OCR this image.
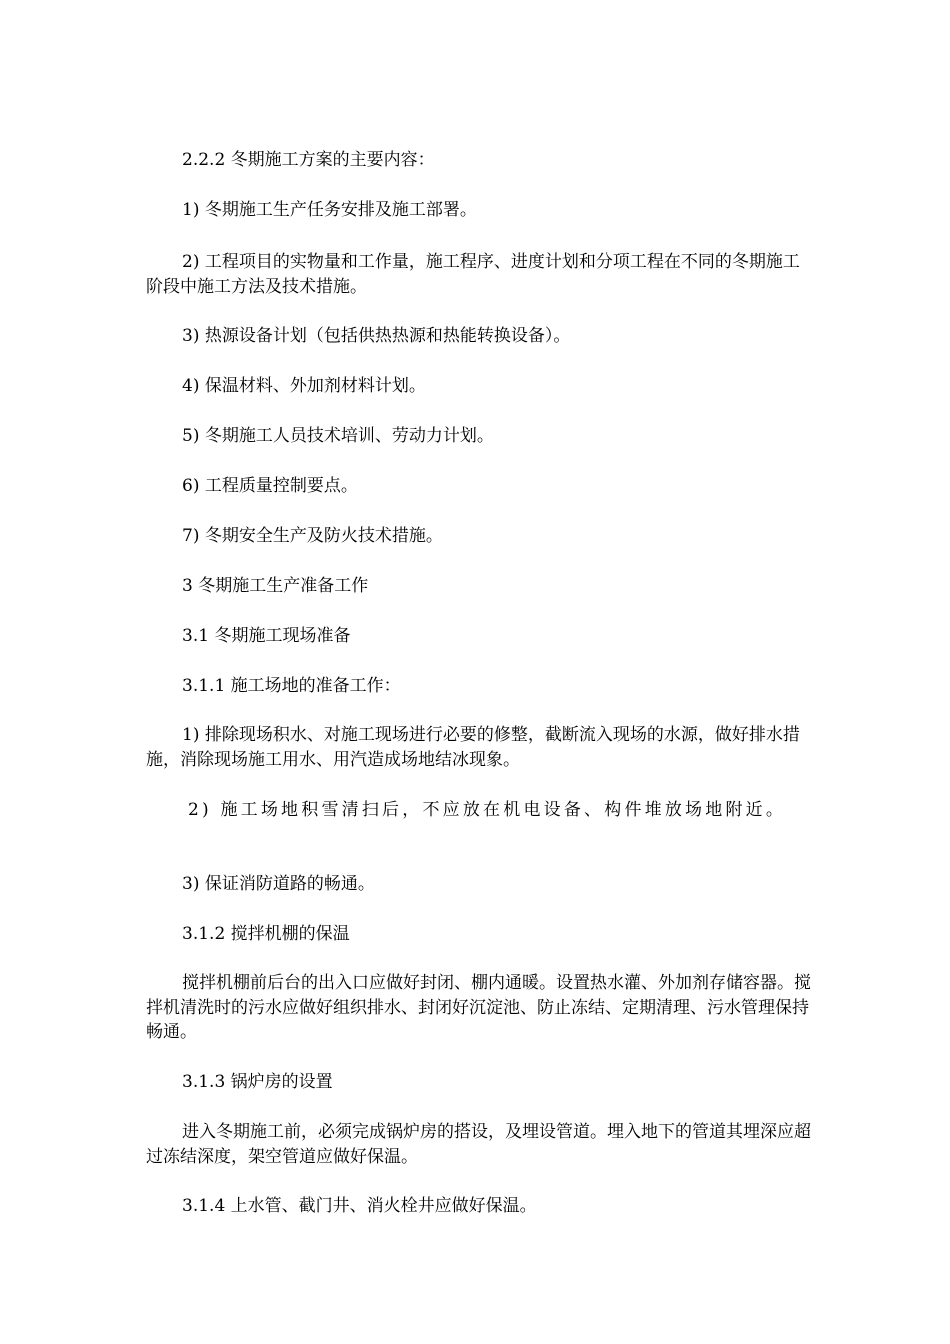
2.2.2 冬期施工方案的主要内容：

1) 冬期施工生产任务安排及施工部署。

2) 工程项目的实物量和工作量，施工程序、进度计划和分项工程在不同的冬期施工阶段中施工方法及技术措施。

3) 热源设备计划（包括供热热源和热能转换设备）。

4) 保温材料、外加剂材料计划。

5) 冬期施工人员技术培训、劳动力计划。

6) 工程质量控制要点。

7) 冬期安全生产及防火技术措施。

3 冬期施工生产准备工作

3.1 冬期施工现场准备

3.1.1 施工场地的准备工作：

1) 排除现场积水、对施工现场进行必要的修整，截断流入现场的水源，做好排水措施，消除现场施工用水、用汽造成场地结冰现象。

2) 施工场地积雪清扫后，不应放在机电设备、构件堆放场地附近。

3) 保证消防道路的畅通。

3.1.2 搅拌机棚的保温

搅拌机棚前后台的出入口应做好封闭、棚内通暖。设置热水灌、外加剂存储容器。搅拌机清洗时的污水应做好组织排水、封闭好沉淀池、防止冻结、定期清理、污水管理保持畅通。

3.1.3 锅炉房的设置

进入冬期施工前，必须完成锅炉房的搭设，及埋设管道。埋入地下的管道其埋深应超过冻结深度，架空管道应做好保温。

3.1.4 上水管、截门井、消火栓井应做好保温。
